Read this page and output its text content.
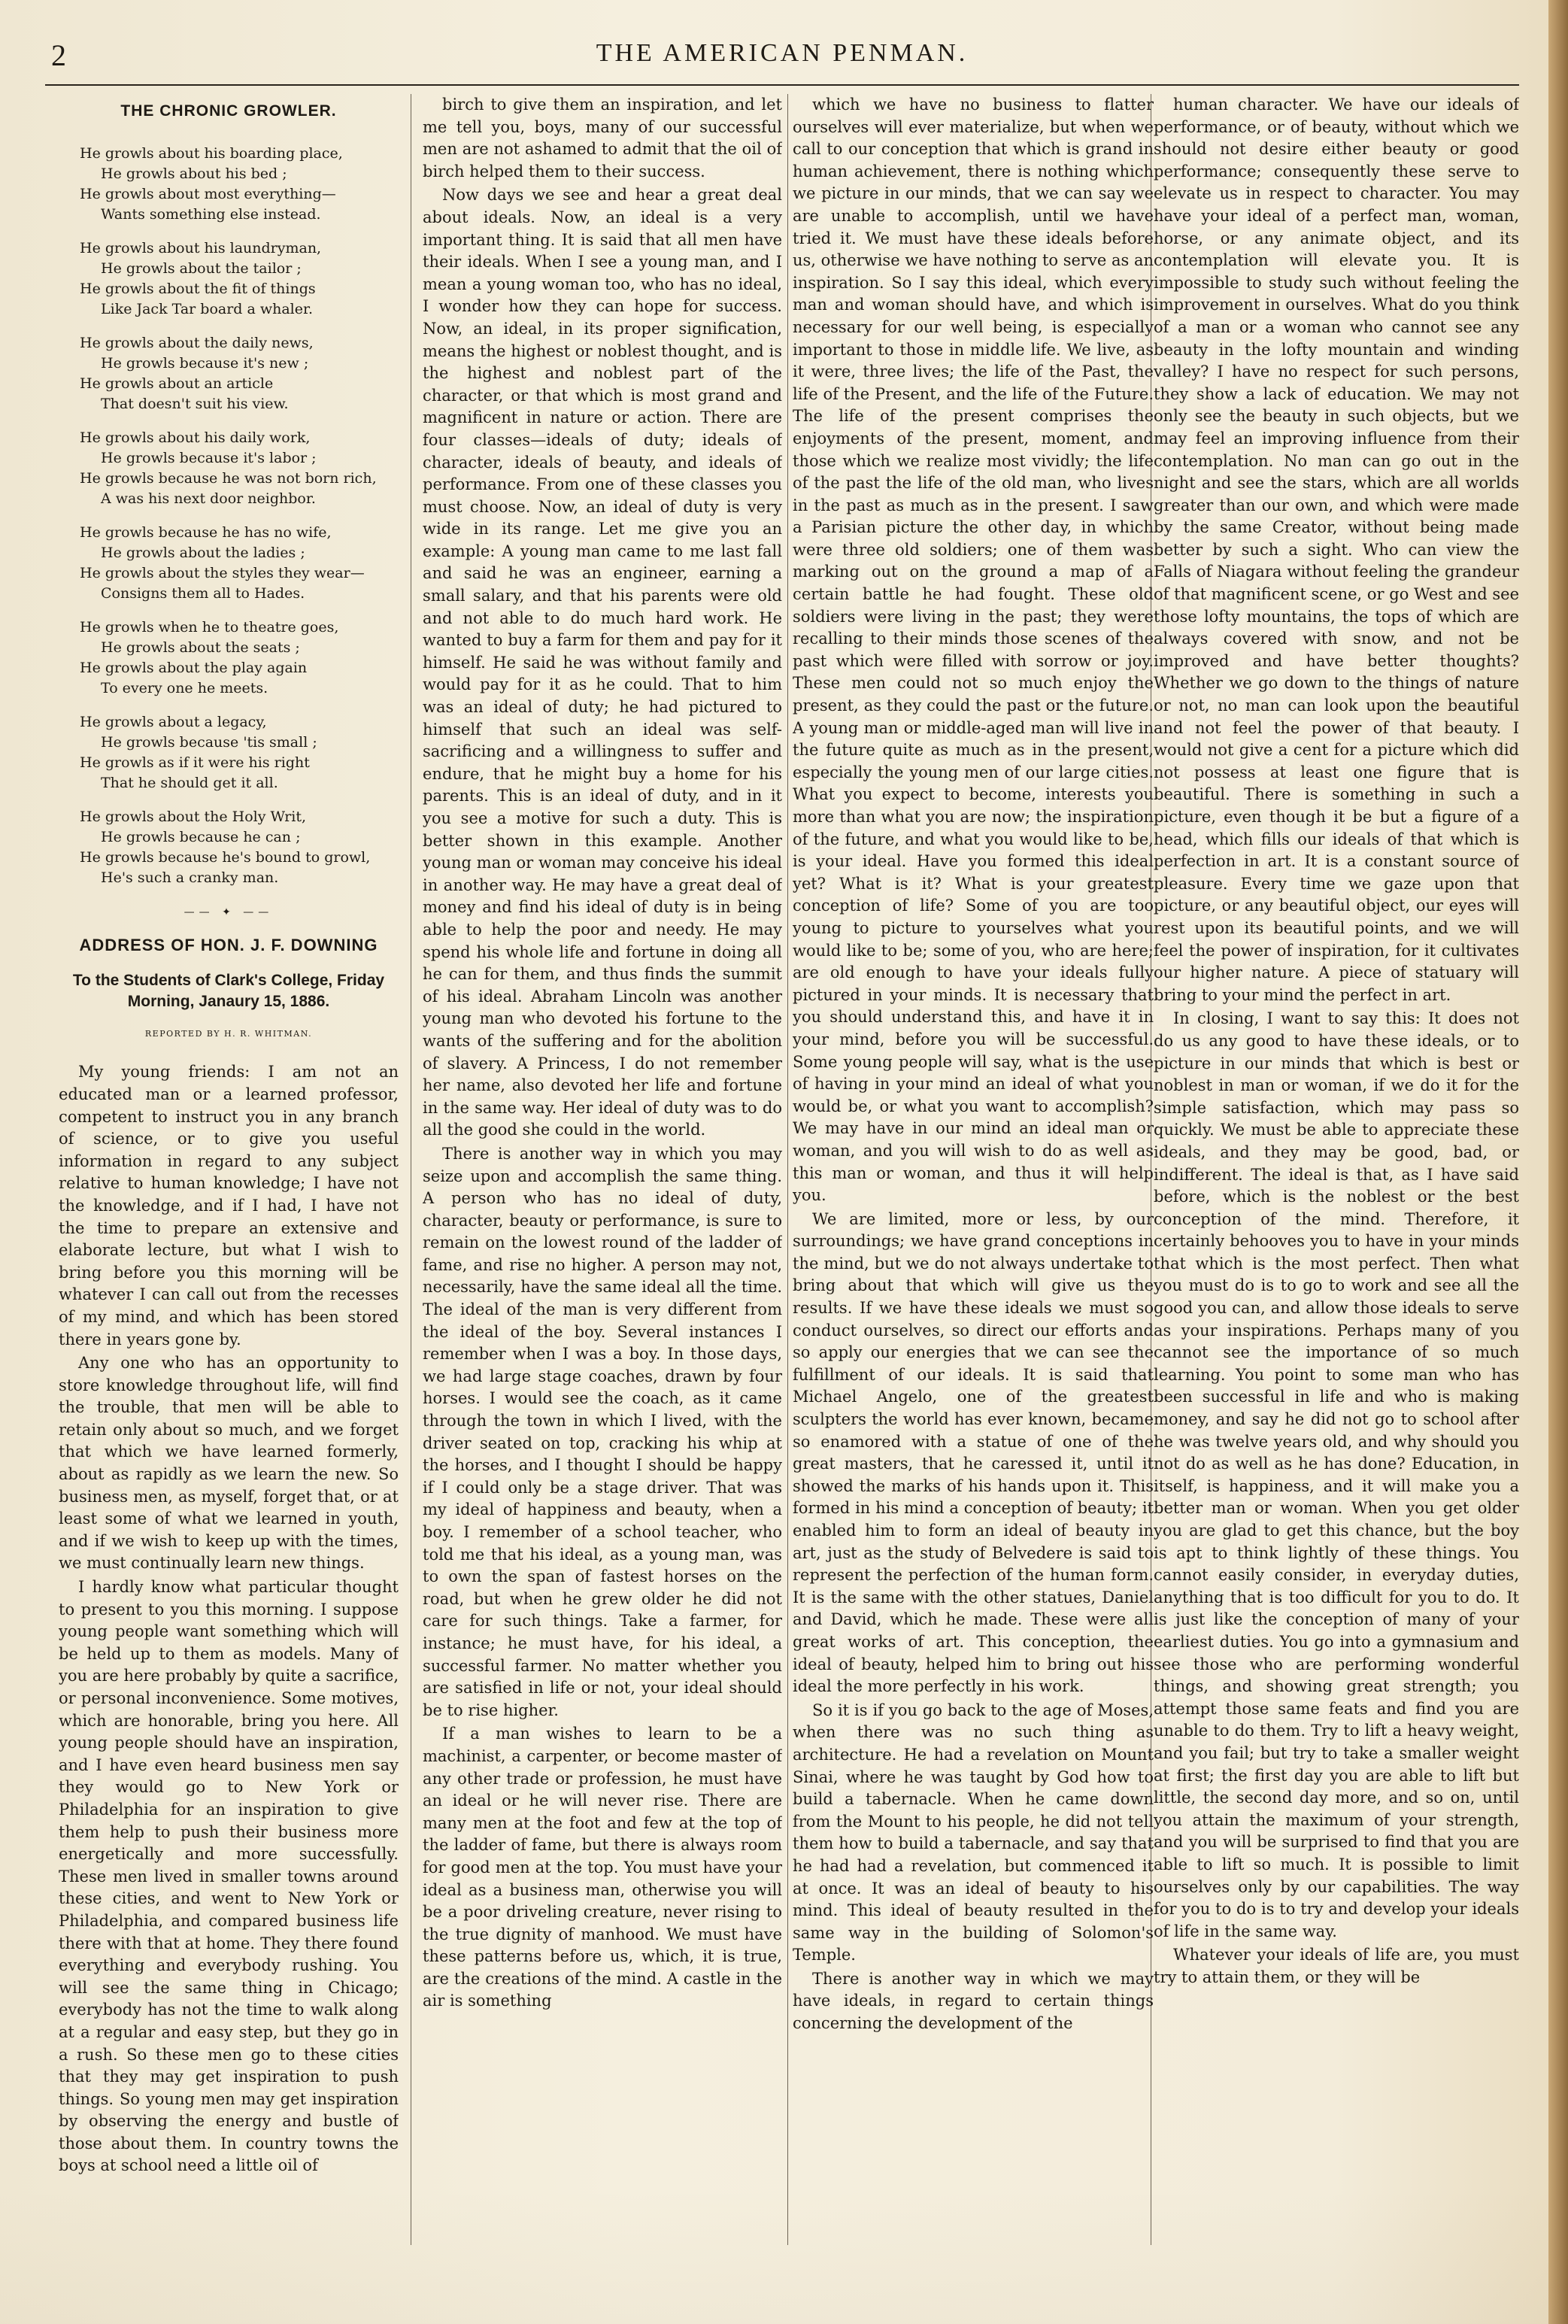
2	THE AMERICAN PENMAN.
THE CHRONIC GROWLER.
He growls about his boarding place,
He growls about his bed ;
He growls about most everything—
Wants something else instead.
He growls about his laundryman,
He growls about the tailor ;
He growls about the fit of things
Like Jack Tar board a whaler.
He growls about the daily news,
He growls because it's new ;
He growls about an article
That doesn't suit his view.
He growls about his daily work,
He growls because it's labor ;
He growls because he was not born rich,
A was his next door neighbor.
He growls because he has no wife,
He growls about the ladies ;
He growls about the styles they wear—
Consigns them all to Hades.
He growls when he to theatre goes,
He growls about the seats ;
He growls about the play again
To every one he meets.
He growls about a legacy,
He growls because 'tis small ;
He growls as if it were his right
That he should get it all.
He growls about the Holy Writ,
He growls because he can ;
He growls because he's bound to growl,
He's such a cranky man.
—— ✦ ——
ADDRESS OF HON. J. F. DOWNING
To the Students of Clark's College, Friday Morning, Janaury 15, 1886.
REPORTED BY H. R. WHITMAN.

My young friends: I am not an educated man or a learned professor, competent to instruct you in any branch of science, or to give you useful information in regard to any subject relative to human knowledge; I have not the knowledge, and if I had, I have not the time to prepare an extensive and elaborate lecture, but what I wish to bring before you this morning will be whatever I can call out from the recesses of my mind, and which has been stored there in years gone by.

Any one who has an opportunity to store knowledge throughout life, will find the trouble, that men will be able to retain only about so much, and we forget that which we have learned formerly, about as rapidly as we learn the new. So business men, as myself, forget that, or at least some of what we learned in youth, and if we wish to keep up with the times, we must continually learn new things.

I hardly know what particular thought to present to you this morning. I suppose young people want something which will be held up to them as models. Many of you are here probably by quite a sacrifice, or personal inconvenience. Some motives, which are honorable, bring you here. All young people should have an inspiration, and I have even heard business men say they would go to New York or Philadelphia for an inspiration to give them help to push their business more energetically and more successfully. These men lived in smaller towns around these cities, and went to New York or Philadelphia, and compared business life there with that at home. They there found everything and everybody rushing. You will see the same thing in Chicago; everybody has not the time to walk along at a regular and easy step, but they go in a rush. So these men go to these cities that they may get inspiration to push things. So young men may get inspiration by observing the energy and bustle of those about them. In country towns the boys at school need a little oil of

birch to give them an inspiration, and let me tell you, boys, many of our successful men are not ashamed to admit that the oil of birch helped them to their success.

Now days we see and hear a great deal about ideals. Now, an ideal is a very important thing. It is said that all men have their ideals. When I see a young man, and I mean a young woman too, who has no ideal, I wonder how they can hope for success. Now, an ideal, in its proper signification, means the highest or noblest thought, and is the highest and noblest part of the character, or that which is most grand and magnificent in nature or action. There are four classes—ideals of duty; ideals of character, ideals of beauty, and ideals of performance. From one of these classes you must choose. Now, an ideal of duty is very wide in its range. Let me give you an example: A young man came to me last fall and said he was an engineer, earning a small salary, and that his parents were old and not able to do much hard work. He wanted to buy a farm for them and pay for it himself. He said he was without family and would pay for it as he could. That to him was an ideal of duty; he had pictured to himself that such an ideal was self-sacrificing and a willingness to suffer and endure, that he might buy a home for his parents. This is an ideal of duty, and in it you see a motive for such a duty. This is better shown in this example. Another young man or woman may conceive his ideal in another way. He may have a great deal of money and find his ideal of duty is in being able to help the poor and needy. He may spend his whole life and fortune in doing all he can for them, and thus finds the summit of his ideal. Abraham Lincoln was another young man who devoted his fortune to the wants of the suffering and for the abolition of slavery. A Princess, I do not remember her name, also devoted her life and fortune in the same way. Her ideal of duty was to do all the good she could in the world.

There is another way in which you may seize upon and accomplish the same thing. A person who has no ideal of duty, character, beauty or performance, is sure to remain on the lowest round of the ladder of fame, and rise no higher. A person may not, necessarily, have the same ideal all the time. The ideal of the man is very different from the ideal of the boy. Several instances I remember when I was a boy. In those days, we had large stage coaches, drawn by four horses. I would see the coach, as it came through the town in which I lived, with the driver seated on top, cracking his whip at the horses, and I thought I should be happy if I could only be a stage driver. That was my ideal of happiness and beauty, when a boy. I remember of a school teacher, who told me that his ideal, as a young man, was to own the span of fastest horses on the road, but when he grew older he did not care for such things. Take a farmer, for instance; he must have, for his ideal, a successful farmer. No matter whether you are satisfied in life or not, your ideal should be to rise higher.

If a man wishes to learn to be a machinist, a carpenter, or become master of any other trade or profession, he must have an ideal or he will never rise. There are many men at the foot and few at the top of the ladder of fame, but there is always room for good men at the top. You must have your ideal as a business man, otherwise you will be a poor driveling creature, never rising to the true dignity of manhood. We must have these patterns before us, which, it is true, are the creations of the mind. A castle in the air is something

which we have no business to flatter ourselves will ever materialize, but when we call to our conception that which is grand in human achievement, there is nothing which we picture in our minds, that we can say we are unable to accomplish, until we have tried it. We must have these ideals before us, otherwise we have nothing to serve as an inspiration. So I say this ideal, which every man and woman should have, and which is necessary for our well being, is especially important to those in middle life. We live, as it were, three lives; the life of the Past, the life of the Present, and the life of the Future. The life of the present comprises the enjoyments of the present, moment, and those which we realize most vividly; the life of the past the life of the old man, who lives in the past as much as in the present. I saw a Parisian picture the other day, in which were three old soldiers; one of them was marking out on the ground a map of a certain battle he had fought. These old soldiers were living in the past; they were recalling to their minds those scenes of the past which were filled with sorrow or joy. These men could not so much enjoy the present, as they could the past or the future. A young man or middle-aged man will live in the future quite as much as in the present, especially the young men of our large cities. What you expect to become, interests you more than what you are now; the inspiration of the future, and what you would like to be, is your ideal. Have you formed this ideal yet? What is it? What is your greatest conception of life? Some of you are too young to picture to yourselves what you would like to be; some of you, who are here; are old enough to have your ideals fully pictured in your minds. It is necessary that you should understand this, and have it in your mind, before you will be successful. Some young people will say, what is the use of having in your mind an ideal of what you would be, or what you want to accomplish? We may have in our mind an ideal man or woman, and you will wish to do as well as this man or woman, and thus it will help you.

We are limited, more or less, by our surroundings; we have grand conceptions in the mind, but we do not always undertake to bring about that which will give us the results. If we have these ideals we must so conduct ourselves, so direct our efforts and so apply our energies that we can see the fulfillment of our ideals. It is said that Michael Angelo, one of the greatest sculpters the world has ever known, became so enamored with a statue of one of the great masters, that he caressed it, until it showed the marks of his hands upon it. This formed in his mind a conception of beauty; it enabled him to form an ideal of beauty in art, just as the study of Belvedere is said to represent the perfection of the human form. It is the same with the other statues, Daniel and David, which he made. These were all great works of art. This conception, the ideal of beauty, helped him to bring out his ideal the more perfectly in his work.

So it is if you go back to the age of Moses, when there was no such thing as architecture. He had a revelation on Mount Sinai, where he was taught by God how to build a tabernacle. When he came down from the Mount to his people, he did not tell them how to build a tabernacle, and say that he had had a revelation, but commenced it at once. It was an ideal of beauty to his mind. This ideal of beauty resulted in the same way in the building of Solomon's Temple.

There is another way in which we may have ideals, in regard to certain things concerning the development of the

human character. We have our ideals of performance, or of beauty, without which we should not desire either beauty or good performance; consequently these serve to elevate us in respect to character. You may have your ideal of a perfect man, woman, horse, or any animate object, and its contemplation will elevate you. It is impossible to study such without feeling the improvement in ourselves. What do you think of a man or a woman who cannot see any beauty in the lofty mountain and winding valley? I have no respect for such persons, they show a lack of education. We may not only see the beauty in such objects, but we may feel an improving influence from their contemplation. No man can go out in the night and see the stars, which are all worlds greater than our own, and which were made by the same Creator, without being made better by such a sight. Who can view the Falls of Niagara without feeling the grandeur of that magnificent scene, or go West and see those lofty mountains, the tops of which are always covered with snow, and not be improved and have better thoughts? Whether we go down to the things of nature or not, no man can look upon the beautiful and not feel the power of that beauty. I would not give a cent for a picture which did not possess at least one figure that is beautiful. There is something in such a picture, even though it be but a figure of a head, which fills our ideals of that which is perfection in art. It is a constant source of pleasure. Every time we gaze upon that picture, or any beautiful object, our eyes will rest upon its beautiful points, and we will feel the power of inspiration, for it cultivates our higher nature. A piece of statuary will bring to your mind the perfect in art.

In closing, I want to say this: It does not do us any good to have these ideals, or to picture in our minds that which is best or noblest in man or woman, if we do it for the simple satisfaction, which may pass so quickly. We must be able to appreciate these ideals, and they may be good, bad, or indifferent. The ideal is that, as I have said before, which is the noblest or the best conception of the mind. Therefore, it certainly behooves you to have in your minds that which is the most perfect. Then what you must do is to go to work and see all the good you can, and allow those ideals to serve as your inspirations. Perhaps many of you cannot see the importance of so much learning. You point to some man who has been successful in life and who is making money, and say he did not go to school after he was twelve years old, and why should you not do as well as he has done? Education, in itself, is happiness, and it will make you a better man or woman. When you get older you are glad to get this chance, but the boy is apt to think lightly of these things. You cannot easily consider, in everyday duties, anything that is too difficult for you to do. It is just like the conception of many of your earliest duties. You go into a gymnasium and see those who are performing wonderful things, and showing great strength; you attempt those same feats and find you are unable to do them. Try to lift a heavy weight, and you fail; but try to take a smaller weight at first; the first day you are able to lift but little, the second day more, and so on, until you attain the maximum of your strength, and you will be surprised to find that you are able to lift so much. It is possible to limit ourselves only by our capabilities. The way for you to do is to try and develop your ideals of life in the same way.

Whatever your ideals of life are, you must try to attain them, or they will be
